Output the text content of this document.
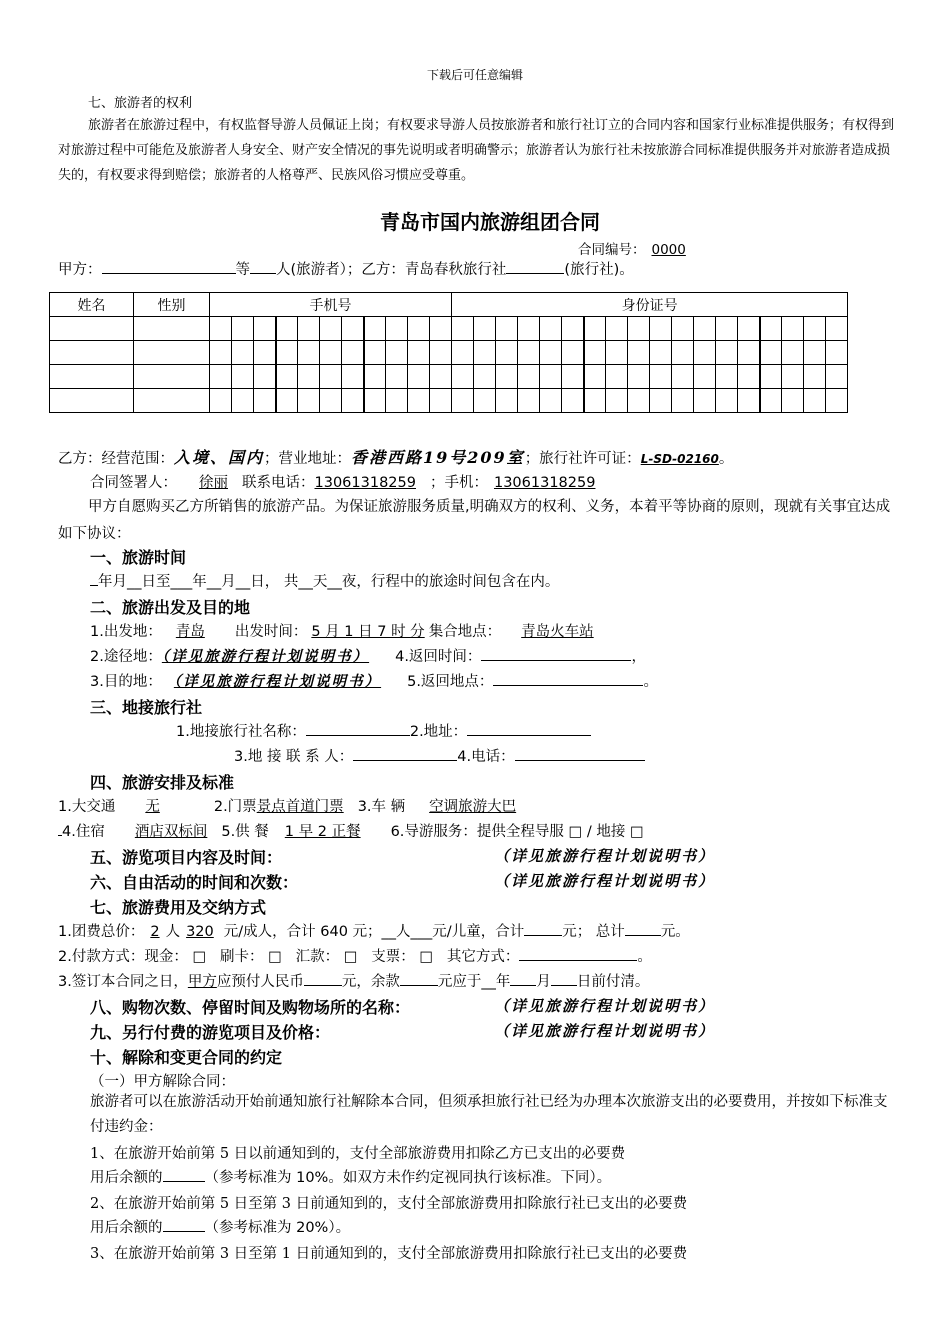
下载后可任意编辑
七、旅游者的权利
旅游者在旅游过程中，有权监督导游人员佩证上岗；有权要求导游人员按旅游者和旅行社订立的合同内容和国家行业标准提供服务；有权得到对旅游过程中可能危及旅游者人身安全、财产安全情况的事先说明或者明确警示；旅游者认为旅行社未按旅游合同标准提供服务并对旅游者造成损失的，有权要求得到赔偿；旅游者的人格尊严、民族风俗习惯应受尊重。
青岛市国内旅游组团合同
合同编号： 0000
甲方：	等 人(旅游者）；乙方：青岛春秋旅行社	(旅行社)。
姓名	性别	手机号											身份证号																	

乙方：经营范围：入境、国内；营业地址：香港西路19号209室；旅行社许可证：L-SD-02160。
合同签署人： 徐丽 联系电话：13061318259 ；手机： 13061318259
甲方自愿购买乙方所销售的旅游产品。为保证旅游服务质量,明确双方的权利、义务，本着平等协商的原则，现就有关事宜达成如下协议：
一、旅游时间
年月__日至___年__月__日， 共__天__夜，行程中的旅途时间包含在内。
二、旅游出发及目的地
1.出发地： 青岛 出发时间： 5 月 1 日 7 时 分 集合地点： 青岛火车站
2.途径地：（详见旅游行程计划说明书） 4.返回时间：	，
3.目的地： （详见旅游行程计划说明书） 5.返回地点：	。
三、地接旅行社
1.地接旅行社名称：	2.地址：
3.地 接 联 系 人：	4.电话：
四、旅游安排及标准
1.大交通 无	2.门票景点首道门票 3.车 辆 空调旅游大巴
4.住宿 酒店双标间 5.供 餐 1 早 2 正餐 6.导游服务：提供全程导服 □ / 地接 □
五、游览项目内容及时间：	（详见旅游行程计划说明书）
六、自由活动的时间和次数：	（详见旅游行程计划说明书）
七、旅游费用及交纳方式
1.团费总价： 2 人 320 元/成人，合计 640 元；__人___元/儿童，合计	元； 总计 元。
2.付款方式：现金： □ 刷卡： □ 汇款： □ 支票： □ 其它方式：	。
3.签订本合同之日，甲方应预付人民币	元，余款	元应于__年 月 日前付清。
八、购物次数、停留时间及购物场所的名称：	（详见旅游行程计划说明书）
九、另行付费的游览项目及价格：	（详见旅游行程计划说明书）
十、解除和变更合同的约定
（一）甲方解除合同：
旅游者可以在旅游活动开始前通知旅行社解除本合同，但须承担旅行社已经为办理本次旅游支出的必要费用，并按如下标准支付违约金：
1、在旅游开始前第 5 日以前通知到的，支付全部旅游费用扣除乙方已支出的必要费
用后余额的	（参考标准为 10%。如双方未作约定视同执行该标准。下同）。
2、在旅游开始前第 5 日至第 3 日前通知到的，支付全部旅游费用扣除旅行社已支出的必要费
用后余额的	（参考标准为 20%）。
3、在旅游开始前第 3 日至第 1 日前通知到的，支付全部旅游费用扣除旅行社已支出的必要费
